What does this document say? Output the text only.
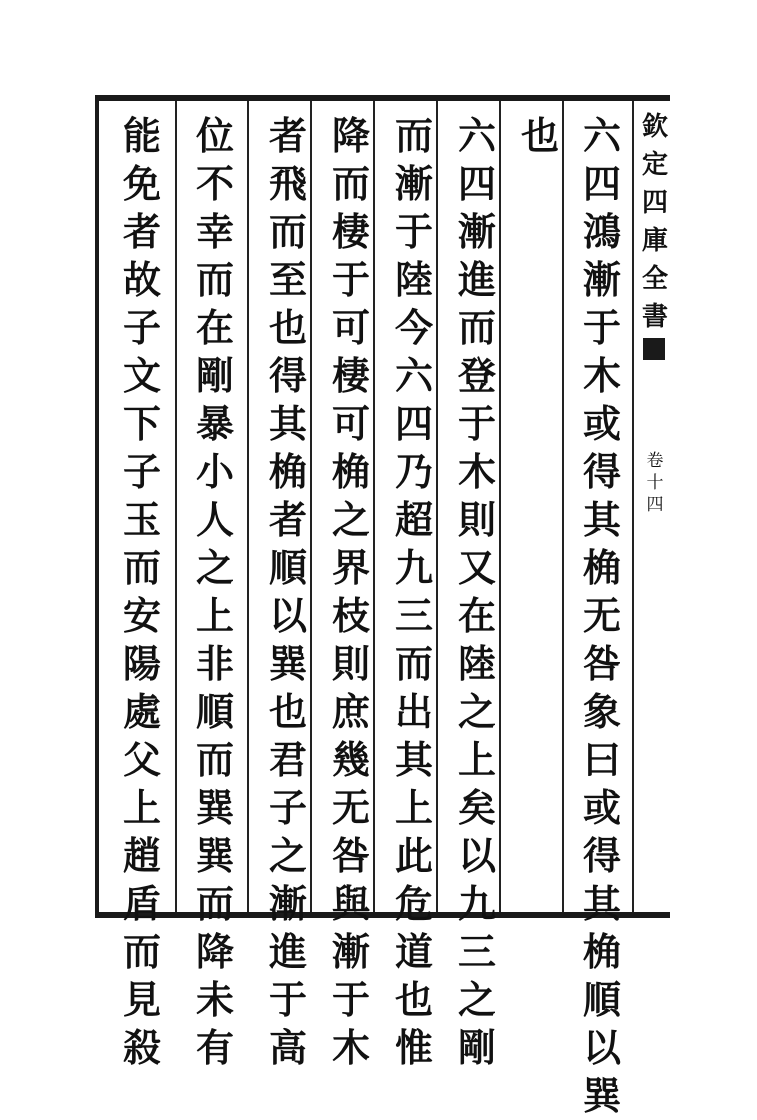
欽
定
四
庫
全
書
卷
十
四
六
四
鴻
漸
于
木
或
得
其
桷
无
咎
象
曰
或
得
其
桷
順
以
巽
也
六
四
漸
進
而
登
于
木
則
又
在
陸
之
上
矣
以
九
三
之
剛
而
漸
于
陸
今
六
四
乃
超
九
三
而
出
其
上
此
危
道
也
惟
降
而
棲
于
可
棲
可
桷
之
界
枝
則
庶
幾
无
咎
與
漸
于
木
者
飛
而
至
也
得
其
桷
者
順
以
巽
也
君
子
之
漸
進
于
高
位
不
幸
而
在
剛
暴
小
人
之
上
非
順
而
巽
巽
而
降
未
有
能
免
者
故
子
文
下
子
玉
而
安
陽
處
父
上
趙
盾
而
見
殺
